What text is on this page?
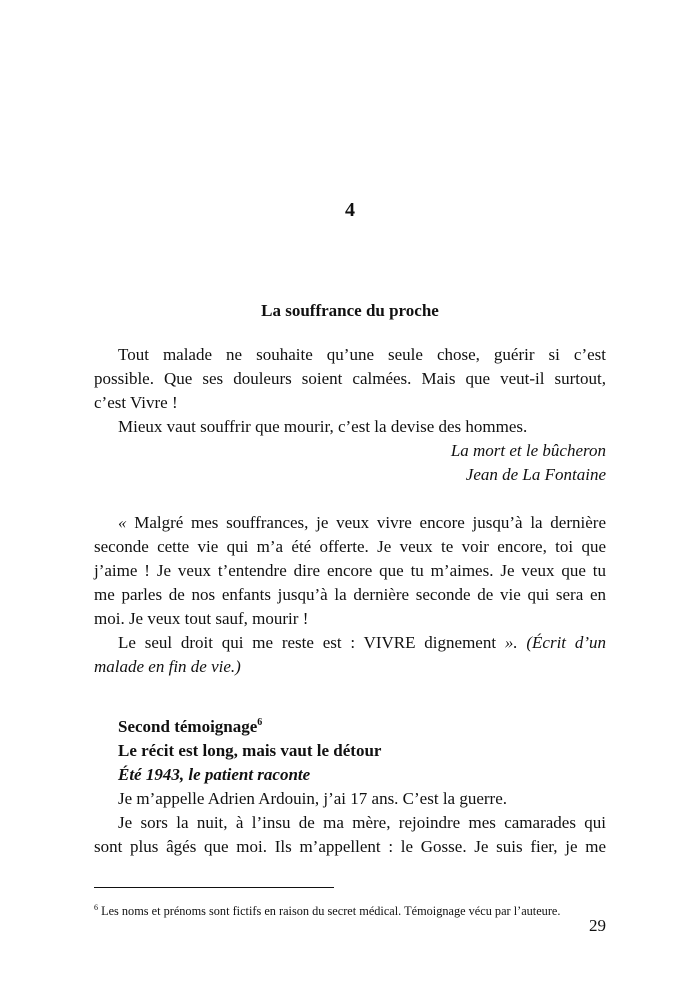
4
La souffrance du proche
Tout malade ne souhaite qu’une seule chose, guérir si c’est
possible. Que ses douleurs soient calmées. Mais que veut-il surtout,
c’est Vivre !
Mieux vaut souffrir que mourir, c’est la devise des hommes.
La mort et le bûcheron
Jean de La Fontaine
« Malgré mes souffrances, je veux vivre encore jusqu’à la dernière
seconde cette vie qui m’a été offerte. Je veux te voir encore, toi que
j’aime ! Je veux t’entendre dire encore que tu m’aimes. Je veux que tu
me parles de nos enfants jusqu’à la dernière seconde de vie qui sera en
moi. Je veux tout sauf, mourir !
Le seul droit qui me reste est : VIVRE dignement ». (Écrit d’un
malade en fin de vie.)
Second témoignage$^6$
Le récit est long, mais vaut le détour
Été 1943, le patient raconte
Je m’appelle Adrien Ardouin, j’ai 17 ans. C’est la guerre.
Je sors la nuit, à l’insu de ma mère, rejoindre mes camarades qui
sont plus âgés que moi. Ils m’appellent : le Gosse. Je suis fier, je me
$^6$ Les noms et prénoms sont fictifs en raison du secret médical. Témoignage vécu par l’auteure.
29
